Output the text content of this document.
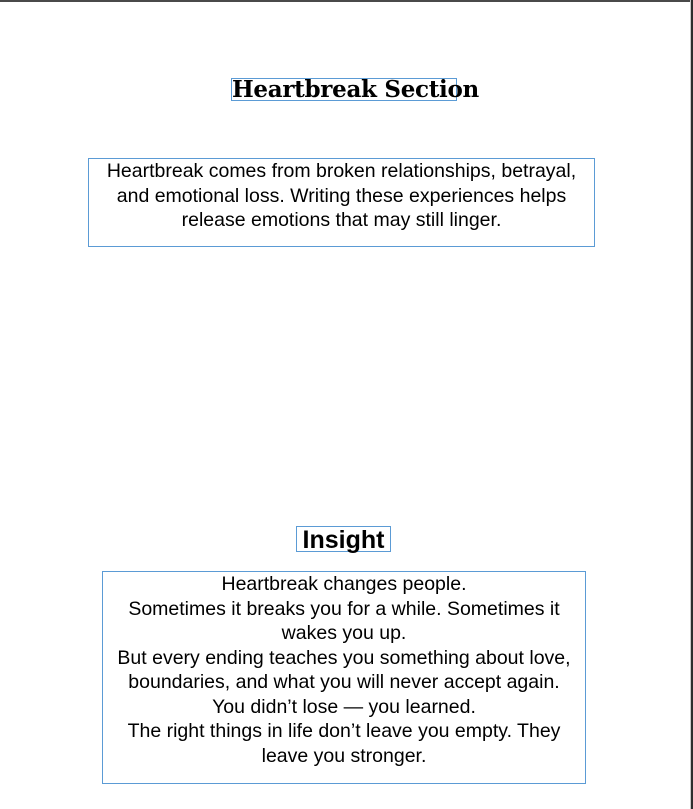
Heartbreak Section
Heartbreak comes from broken relationships, betrayal, and emotional loss. Writing these experiences helps release emotions that may still linger.
Insight
Heartbreak changes people.
Sometimes it breaks you for a while. Sometimes it wakes you up.
But every ending teaches you something about love, boundaries, and what you will never accept again.
You didn’t lose — you learned.
The right things in life don’t leave you empty. They leave you stronger.
